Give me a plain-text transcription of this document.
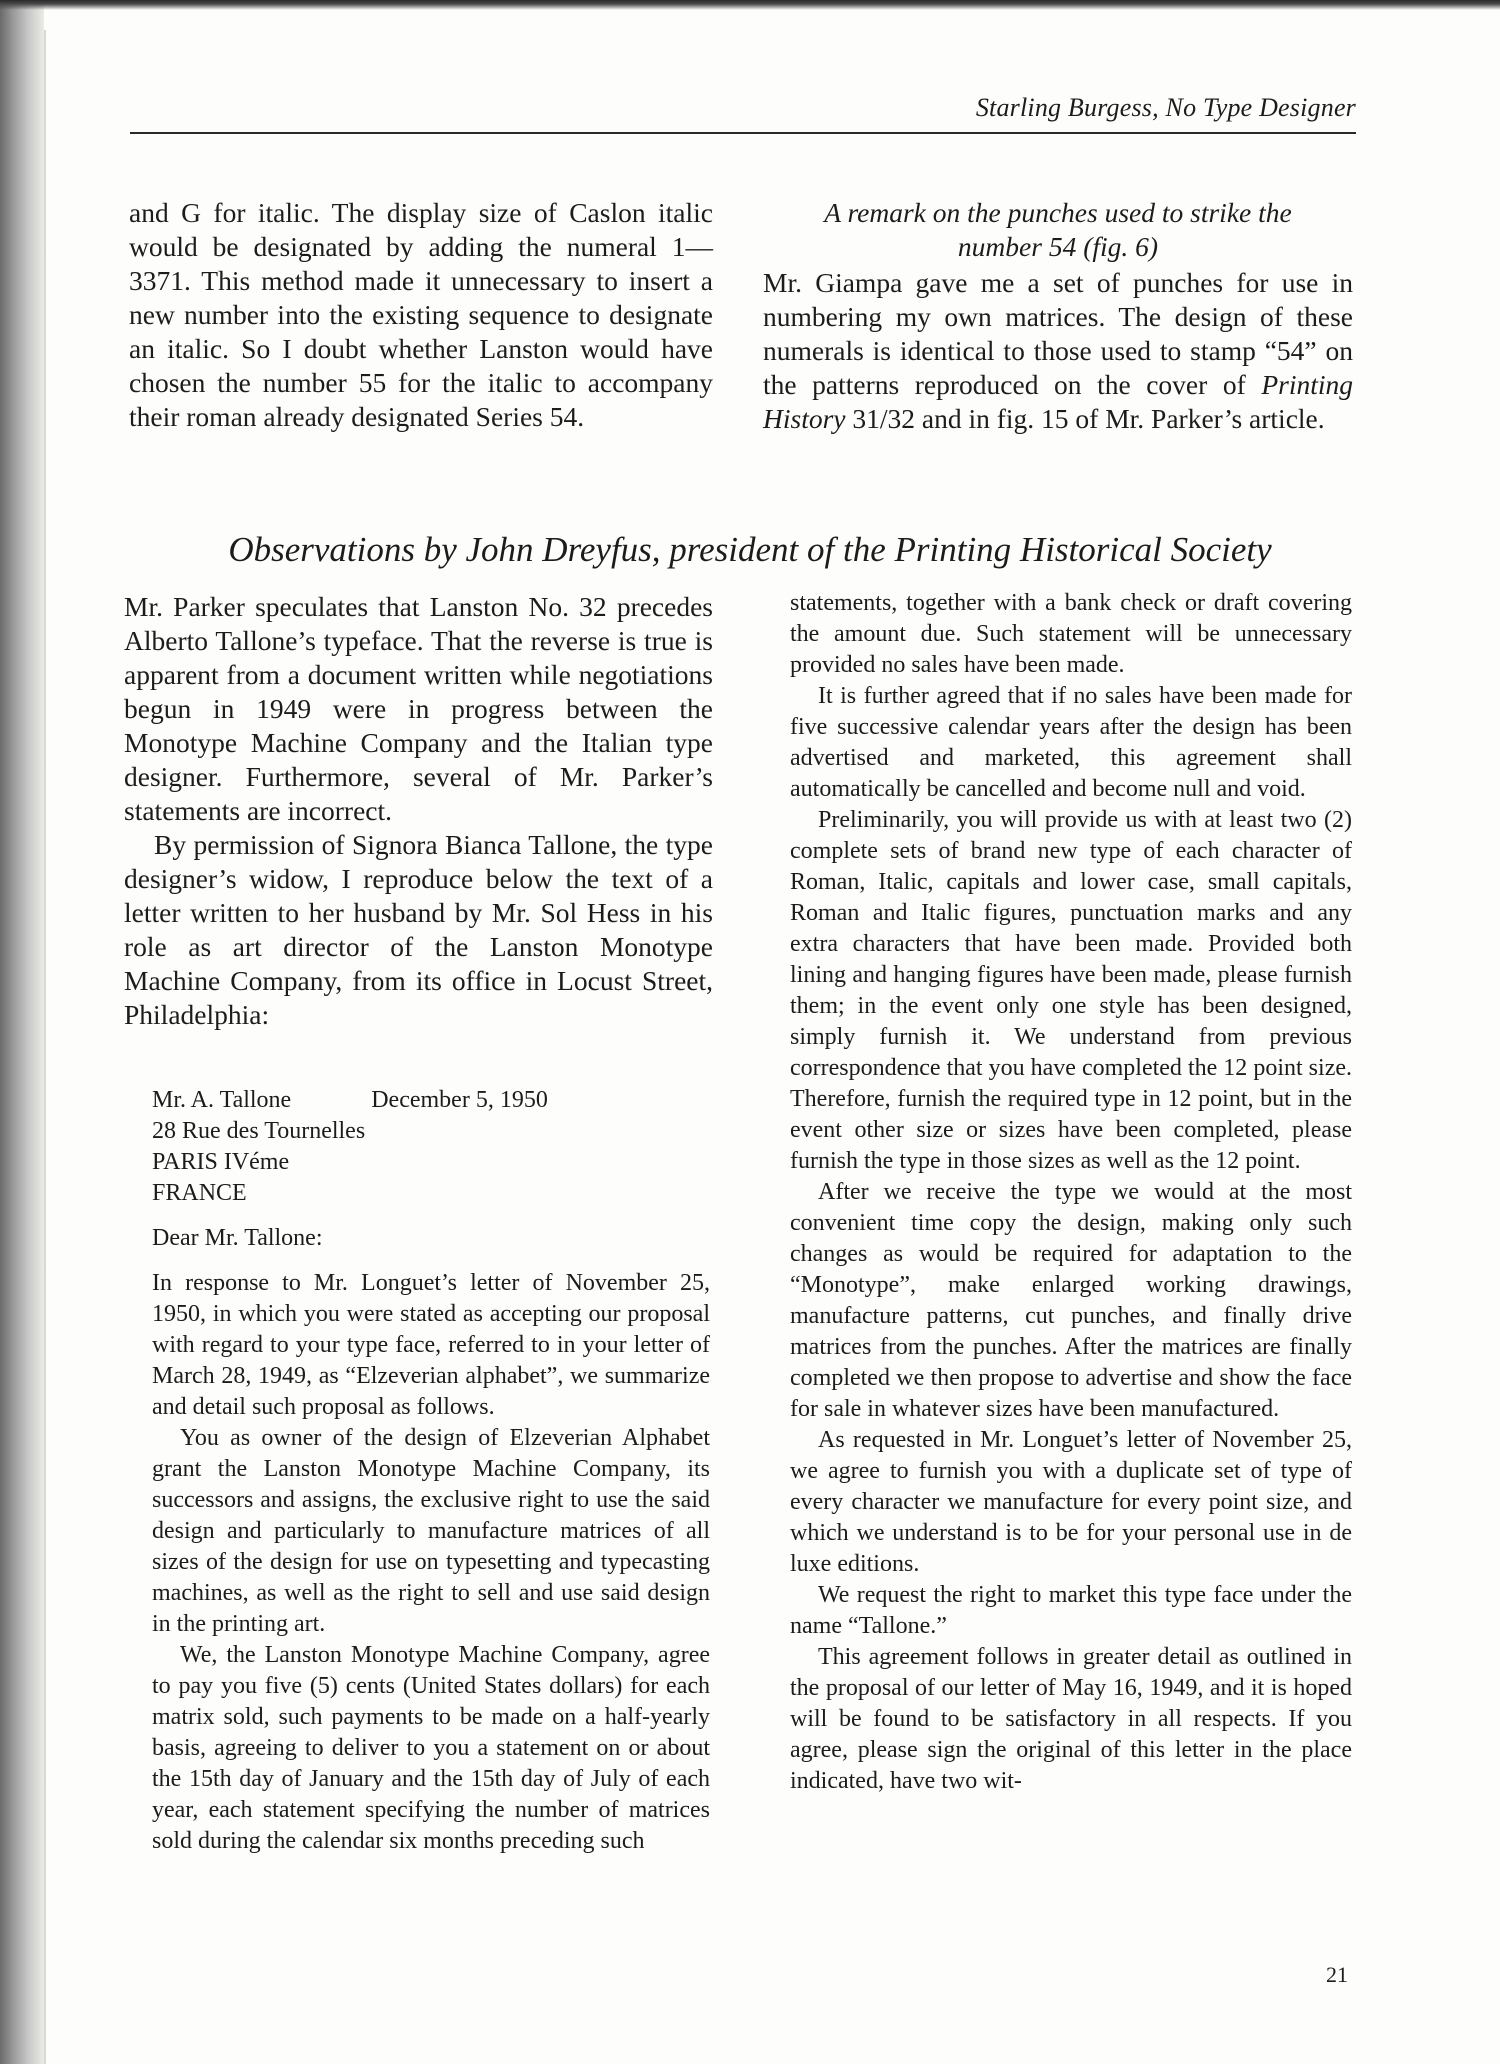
Starling Burgess, No Type Designer

and G for italic. The display size of Caslon italic would be designated by adding the numeral 1—3371. This method made it unnecessary to insert a new number into the existing sequence to designate an italic. So I doubt whether Lanston would have chosen the number 55 for the italic to accompany their roman already designated Series 54.

A remark on the punches used to strike the
number 54 (fig. 6)

Mr. Giampa gave me a set of punches for use in numbering my own matrices. The design of these numerals is identical to those used to stamp “54” on the patterns reproduced on the cover of Printing History 31/32 and in fig. 15 of Mr. Parker’s article.

Observations by John Dreyfus, president of the Printing Historical Society

Mr. Parker speculates that Lanston No. 32 precedes Alberto Tallone’s typeface. That the reverse is true is apparent from a document written while negotiations begun in 1949 were in progress between the Monotype Machine Company and the Italian type designer. Furthermore, several of Mr. Parker’s statements are incorrect.

By permission of Signora Bianca Tallone, the type designer’s widow, I reproduce below the text of a letter written to her husband by Mr. Sol Hess in his role as art director of the Lanston Monotype Machine Company, from its office in Locust Street, Philadelphia:

Mr. A. Tallone	December 5, 1950
28 Rue des Tournelles
PARIS IVéme
FRANCE
Dear Mr. Tallone:

In response to Mr. Longuet’s letter of November 25, 1950, in which you were stated as accepting our proposal with regard to your type face, referred to in your letter of March 28, 1949, as “Elzeverian alphabet”, we summarize and detail such proposal as follows.

You as owner of the design of Elzeverian Alphabet grant the Lanston Monotype Machine Company, its successors and assigns, the exclusive right to use the said design and particularly to manufacture matrices of all sizes of the design for use on typesetting and typecasting machines, as well as the right to sell and use said design in the printing art.

We, the Lanston Monotype Machine Company, agree to pay you five (5) cents (United States dollars) for each matrix sold, such payments to be made on a half-yearly basis, agreeing to deliver to you a statement on or about the 15th day of January and the 15th day of July of each year, each statement specifying the number of matrices sold during the calendar six months preceding such

statements, together with a bank check or draft covering the amount due. Such statement will be unnecessary provided no sales have been made.

It is further agreed that if no sales have been made for five successive calendar years after the design has been advertised and marketed, this agreement shall automatically be cancelled and become null and void.

Preliminarily, you will provide us with at least two (2) complete sets of brand new type of each character of Roman, Italic, capitals and lower case, small capitals, Roman and Italic figures, punctuation marks and any extra characters that have been made. Provided both lining and hanging figures have been made, please furnish them; in the event only one style has been designed, simply furnish it. We understand from previous correspondence that you have completed the 12 point size. Therefore, furnish the required type in 12 point, but in the event other size or sizes have been completed, please furnish the type in those sizes as well as the 12 point.

After we receive the type we would at the most convenient time copy the design, making only such changes as would be required for adaptation to the “Monotype”, make enlarged working drawings, manufacture patterns, cut punches, and finally drive matrices from the punches. After the matrices are finally completed we then propose to advertise and show the face for sale in whatever sizes have been manufactured.

As requested in Mr. Longuet’s letter of November 25, we agree to furnish you with a duplicate set of type of every character we manufacture for every point size, and which we understand is to be for your personal use in de luxe editions.

We request the right to market this type face under the name “Tallone.”

This agreement follows in greater detail as outlined in the proposal of our letter of May 16, 1949, and it is hoped will be found to be satisfactory in all respects. If you agree, please sign the original of this letter in the place indicated, have two wit-

21
